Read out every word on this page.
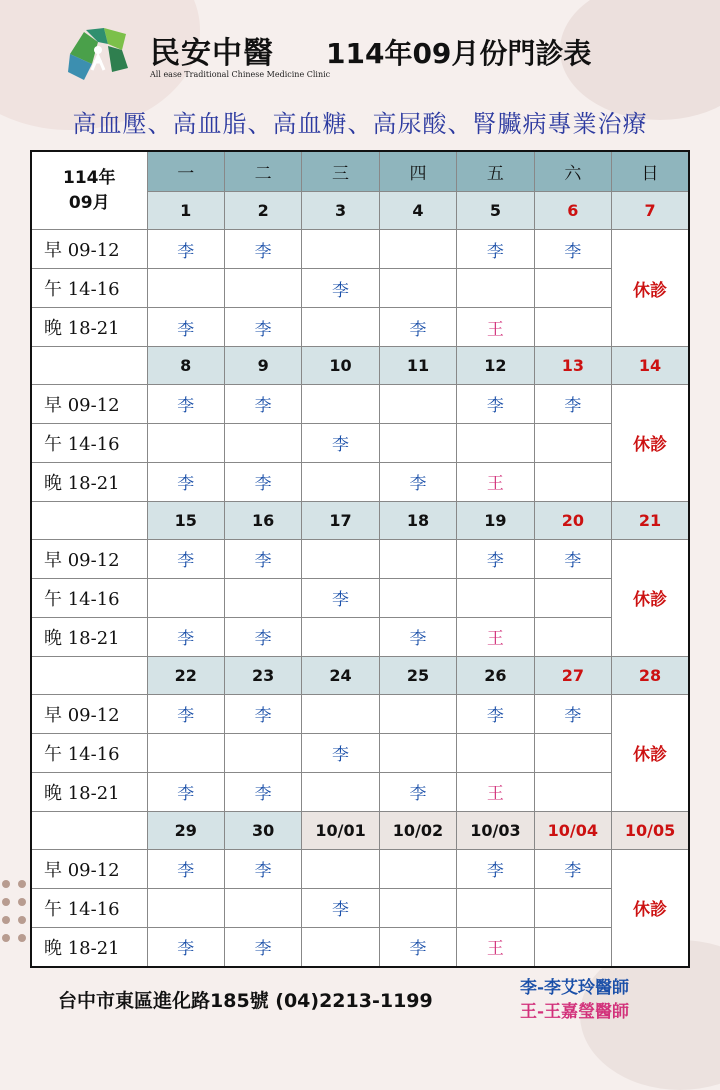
民安中醫
All ease Traditional Chinese Medicine Clinic
114年09月份門診表
高血壓、高血脂、高血糖、高尿酸、腎臟病專業治療
114年
09月	一	二	三	四	五	六	日
	1	2	3	4	5	6	7
早 09-12	李	李			李	李	休診
午 14-16			李				
晚 18-21	李	李		李	王		
	8	9	10	11	12	13	14
早 09-12	李	李			李	李	休診
午 14-16			李				
晚 18-21	李	李		李	王		
	15	16	17	18	19	20	21
早 09-12	李	李			李	李	休診
午 14-16			李				
晚 18-21	李	李		李	王		
	22	23	24	25	26	27	28
早 09-12	李	李			李	李	休診
午 14-16			李				
晚 18-21	李	李		李	王		
	29	30	10/01	10/02	10/03	10/04	10/05
早 09-12	李	李			李	李	休診
午 14-16			李				
晚 18-21	李	李		李	王		
台中市東區進化路185號 (04)2213-1199
李-李艾玲醫師
王-王嘉瑩醫師
